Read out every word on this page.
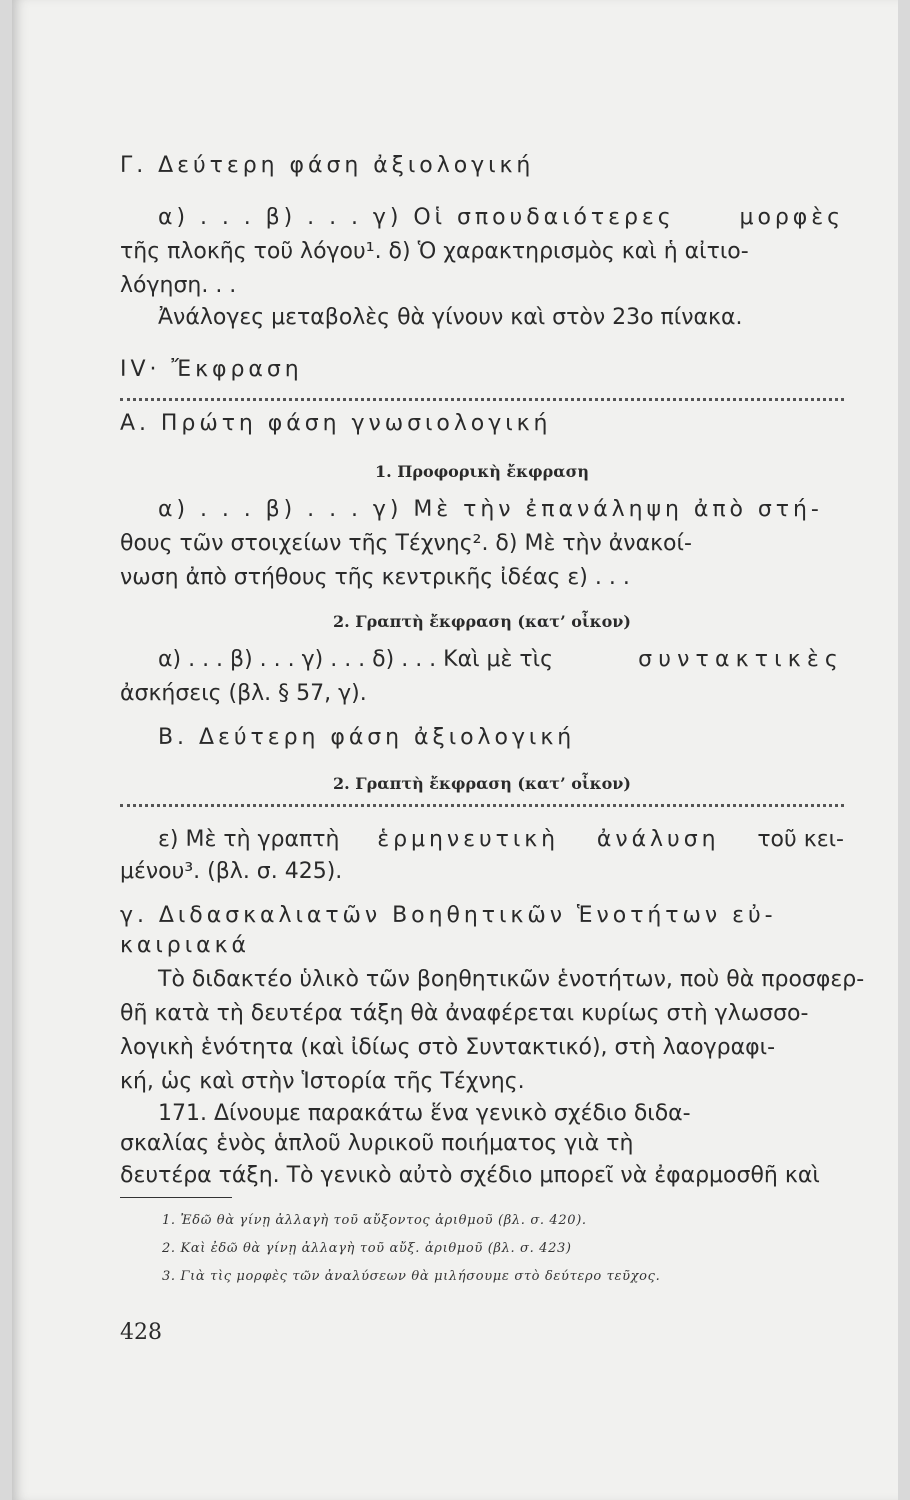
Γ. Δεύτερη φάση ἀξιολογική
α) . . . β) . . . γ) Οἱ σπουδαιότερες	μορφὲς
τῆς πλοκῆς τοῦ λόγου¹. δ) Ὁ χαρακτηρισμὸς καὶ ἡ αἰτιο-
λόγηση. . .
Ἀνάλογες μεταβολὲς θὰ γίνουν καὶ στὸν 23ο πίνακα.
ΙV· Ἔκφραση
Α. Πρώτη φάση γνωσιολογική
1. Προφορικὴ ἔκφραση
α) . . . β) . . . γ) Μὲ τὴν ἐπανάληψη ἀπὸ στή-
θους τῶν στοιχείων τῆς Τέχνης². δ) Μὲ τὴν ἀνακοί-
νωση ἀπὸ στήθους τῆς κεντρικῆς ἰδέας ε) . . .
2. Γραπτὴ ἔκφραση (κατ’ οἶκον)
α) . . . β) . . . γ) . . . δ) . . . Καὶ μὲ τὶς	συντακτικὲς
ἀσκήσεις (βλ. § 57, γ).
Β. Δεύτερη φάση ἀξιολογική
2. Γραπτὴ ἔκφραση (κατ’ οἶκον)
ε) Μὲ τὴ γραπτὴ ἑρμηνευτικὴ ἀνάλυση τοῦ κει-
μένου³. (βλ. σ. 425).
γ. Διδασκαλιατῶν Βοηθητικῶν Ἑνοτήτων εὐ-
καιριακά
Τὸ διδακτέο ὑλικὸ τῶν βοηθητικῶν ἑνοτήτων, ποὺ θὰ προσφερ-
θῆ κατὰ τὴ δευτέρα τάξη θὰ ἀναφέρεται κυρίως στὴ γλωσσο-
λογικὴ ἑνότητα (καὶ ἰδίως στὸ Συντακτικό), στὴ λαογραφι-
κή, ὡς καὶ στὴν Ἱστορία τῆς Τέχνης.
171. Δίνουμε παρακάτω ἕνα γενικὸ σχέδιο διδα-
σκαλίας ἑνὸς ἁπλοῦ λυρικοῦ ποιήματος γιὰ τὴ
δευτέρα τάξη. Τὸ γενικὸ αὐτὸ σχέδιο μπορεῖ νὰ ἐφαρμοσθῆ καὶ
1. Ἐδῶ θὰ γίνῃ ἀλλαγὴ τοῦ αὔξοντος ἀριθμοῦ (βλ. σ. 420).
2. Καὶ ἐδῶ θὰ γίνῃ ἀλλαγὴ τοῦ αὔξ. ἀριθμοῦ (βλ. σ. 423)
3. Γιὰ τὶς μορφὲς τῶν ἀναλύσεων θὰ μιλήσουμε στὸ δεύτερο τεῦχος.
428
